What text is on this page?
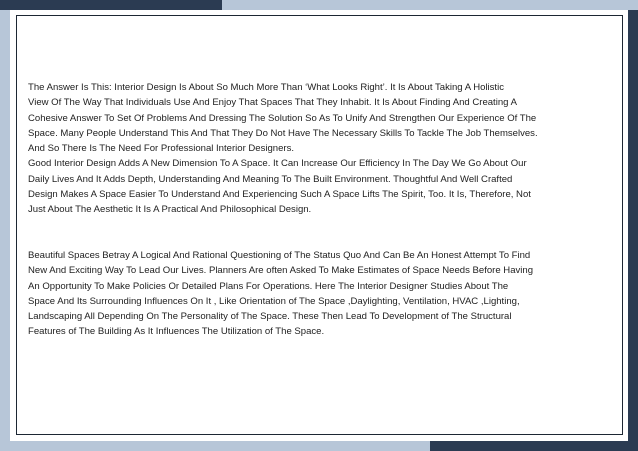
The Answer Is This: Interior Design Is About So Much More Than ‘What Looks Right’. It Is About Taking A Holistic
View Of The Way That Individuals Use And Enjoy That Spaces That They Inhabit. It Is About Finding And Creating A
Cohesive Answer To Set Of Problems And Dressing The Solution So As To Unify And Strengthen Our Experience Of The
Space. Many People Understand This And That They Do Not Have The Necessary Skills To Tackle The Job Themselves.
And So There Is The Need For Professional Interior Designers.
Good Interior Design Adds A New Dimension To A Space. It Can Increase Our Efficiency In The Day We Go About Our
Daily Lives And It Adds Depth, Understanding And Meaning To The Built Environment. Thoughtful And Well Crafted
Design Makes A Space Easier To Understand And Experiencing Such A Space Lifts The Spirit, Too. It Is, Therefore, Not
Just About The Aesthetic It Is A Practical And Philosophical Design.

Beautiful Spaces Betray A Logical And Rational Questioning of The Status Quo And Can Be An Honest Attempt To Find
New And Exciting Way To Lead Our Lives. Planners Are often Asked To Make Estimates of Space Needs Before Having
An Opportunity To Make Policies Or Detailed Plans For Operations. Here The Interior Designer Studies About The
Space And Its Surrounding Influences On It , Like Orientation of The Space ,Daylighting, Ventilation, HVAC ,Lighting,
Landscaping All Depending On The Personality of The Space. These Then Lead To Development of The Structural
Features of The Building As It Influences The Utilization of The Space.
